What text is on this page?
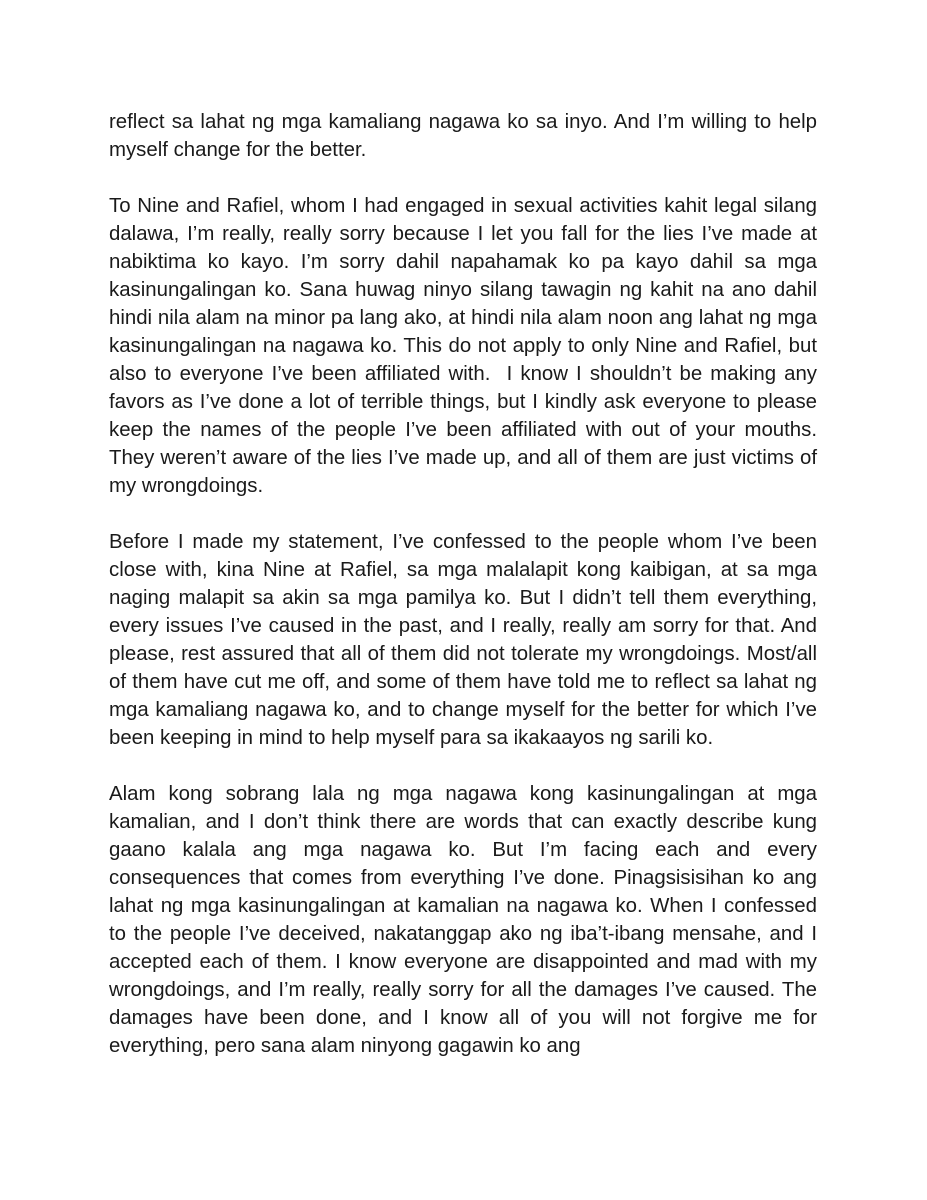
reflect sa lahat ng mga kamaliang nagawa ko sa inyo. And I’m willing to help myself change for the better.

To Nine and Rafiel, whom I had engaged in sexual activities kahit legal silang dalawa, I’m really, really sorry because I let you fall for the lies I’ve made at nabiktima ko kayo. I’m sorry dahil napahamak ko pa kayo dahil sa mga kasinungalingan ko. Sana huwag ninyo silang tawagin ng kahit na ano dahil hindi nila alam na minor pa lang ako, at hindi nila alam noon ang lahat ng mga kasinungalingan na nagawa ko. This do not apply to only Nine and Rafiel, but also to everyone I’ve been affiliated with.  I know I shouldn’t be making any favors as I’ve done a lot of terrible things, but I kindly ask everyone to please keep the names of the people I’ve been affiliated with out of your mouths. They weren’t aware of the lies I’ve made up, and all of them are just victims of my wrongdoings.

Before I made my statement, I’ve confessed to the people whom I’ve been close with, kina Nine at Rafiel, sa mga malalapit kong kaibigan, at sa mga naging malapit sa akin sa mga pamilya ko. But I didn’t tell them everything, every issues I’ve caused in the past, and I really, really am sorry for that. And please, rest assured that all of them did not tolerate my wrongdoings. Most/all of them have cut me off, and some of them have told me to reflect sa lahat ng mga kamaliang nagawa ko, and to change myself for the better for which I’ve been keeping in mind to help myself para sa ikakaayos ng sarili ko.

Alam kong sobrang lala ng mga nagawa kong kasinungalingan at mga kamalian, and I don’t think there are words that can exactly describe kung gaano kalala ang mga nagawa ko. But I’m facing each and every consequences that comes from everything I’ve done. Pinagsisisihan ko ang lahat ng mga kasinungalingan at kamalian na nagawa ko. When I confessed to the people I’ve deceived, nakatanggap ako ng iba’t-ibang mensahe, and I accepted each of them. I know everyone are disappointed and mad with my wrongdoings, and I’m really, really sorry for all the damages I’ve caused. The damages have been done, and I know all of you will not forgive me for everything, pero sana alam ninyong gagawin ko ang
